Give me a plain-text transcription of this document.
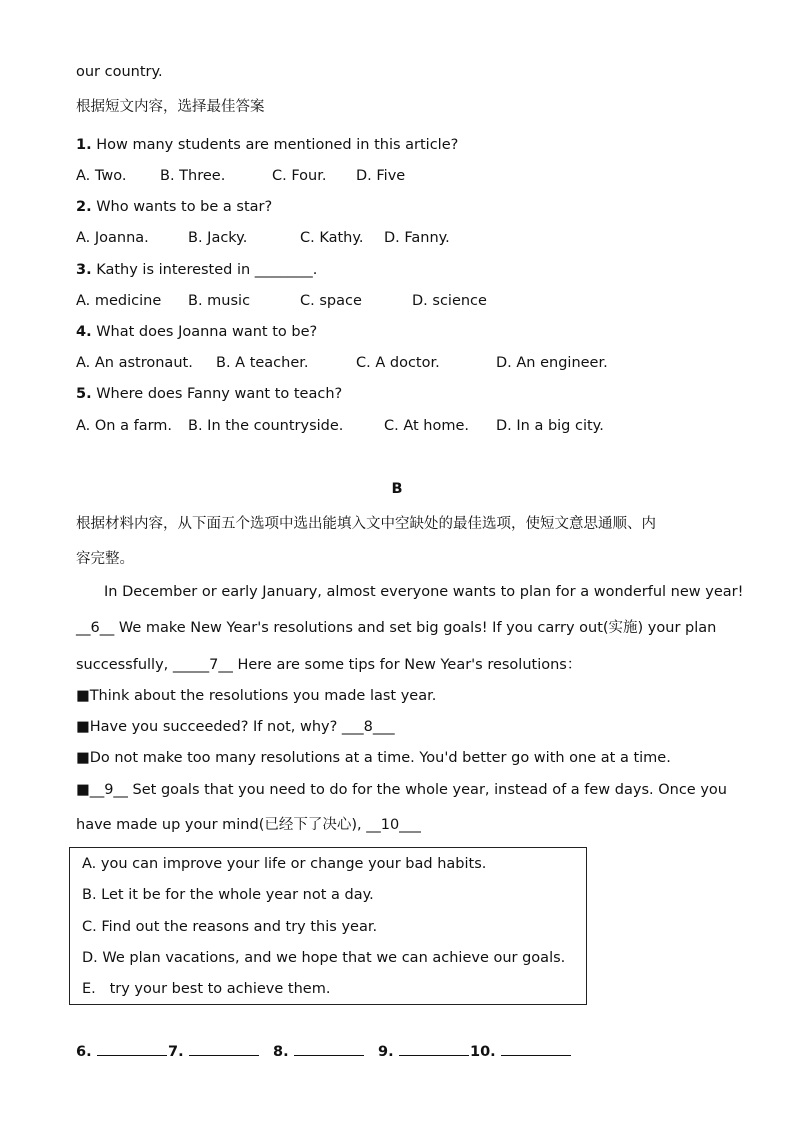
our country.
根据短文内容，选择最佳答案
1. How many students are mentioned in this article?
A. Two. B. Three.	C. Four. D. Five
2. Who wants to be a star?
A. Joanna.	B. Jacky.	C. Kathy. D. Fanny.
3. Kathy is interested in ________.
A. medicine B. music	C. space	D. science
4. What does Joanna want to be?
A. An astronaut. B. A teacher.	C. A doctor.	D. An engineer.
5. Where does Fanny want to teach?
A. On a farm. B. In the countryside.	C. At home. D. In a big city.
B
根据材料内容，从下面五个选项中选出能填入文中空缺处的最佳选项，使短文意思通顺、内
容完整。
In December or early January, almost everyone wants to plan for a wonderful new year!
__6__ We make New Year's resolutions and set big goals! If you carry out(实施) your plan
successfully, _____7__ Here are some tips for New Year's resolutions：
■Think about the resolutions you made last year.
■Have you succeeded? If not, why? ___8___
■Do not make too many resolutions at a time. You'd better go with one at a time.
■__9__ Set goals that you need to do for the whole year, instead of a few days. Once you
have made up your mind(已经下了决心), __10___
A. you can improve your life or change your bad habits.
B. Let it be for the whole year not a day.
C. Find out the reasons and try this year.
D. We plan vacations, and we hope that we can achieve our goals.
E.   try your best to achieve them.
6.	7.	8.	9.	10.
